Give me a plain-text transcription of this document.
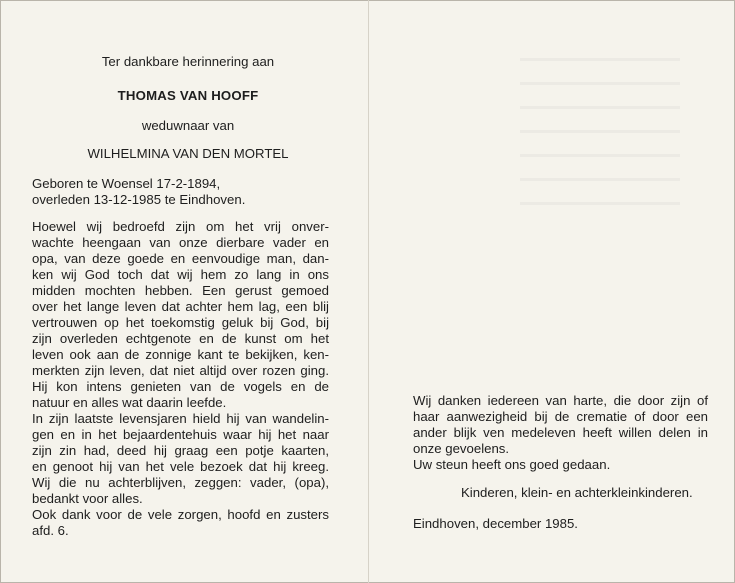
Ter dankbare herinnering aan
THOMAS VAN HOOFF
weduwnaar van
WILHELMINA VAN DEN MORTEL
Geboren te Woensel 17-2-1894,
overleden 13-12-1985 te Eindhoven.
Hoewel wij bedroefd zijn om het vrij onver-
wachte heengaan van onze dierbare vader en
opa, van deze goede en eenvoudige man, dan-
ken wij God toch dat wij hem zo lang in ons
midden mochten hebben. Een gerust gemoed
over het lange leven dat achter hem lag, een blij
vertrouwen op het toekomstig geluk bij God, bij
zijn overleden echtgenote en de kunst om het
leven ook aan de zonnige kant te bekijken, ken-
merkten zijn leven, dat niet altijd over rozen ging.
Hij kon intens genieten van de vogels en de
natuur en alles wat daarin leefde.
In zijn laatste levensjaren hield hij van wandelin-
gen en in het bejaardentehuis waar hij het naar
zijn zin had, deed hij graag een potje kaarten,
en genoot hij van het vele bezoek dat hij kreeg.
Wij die nu achterblijven, zeggen: vader, (opa),
bedankt voor alles.
Ook dank voor de vele zorgen, hoofd en zusters
afd. 6.
Wij danken iedereen van harte, die door zijn of
haar aanwezigheid bij de crematie of door een
ander blijk ven medeleven heeft willen delen in
onze gevoelens.
Uw steun heeft ons goed gedaan.
Kinderen, klein- en achterkleinkinderen.
Eindhoven, december 1985.
